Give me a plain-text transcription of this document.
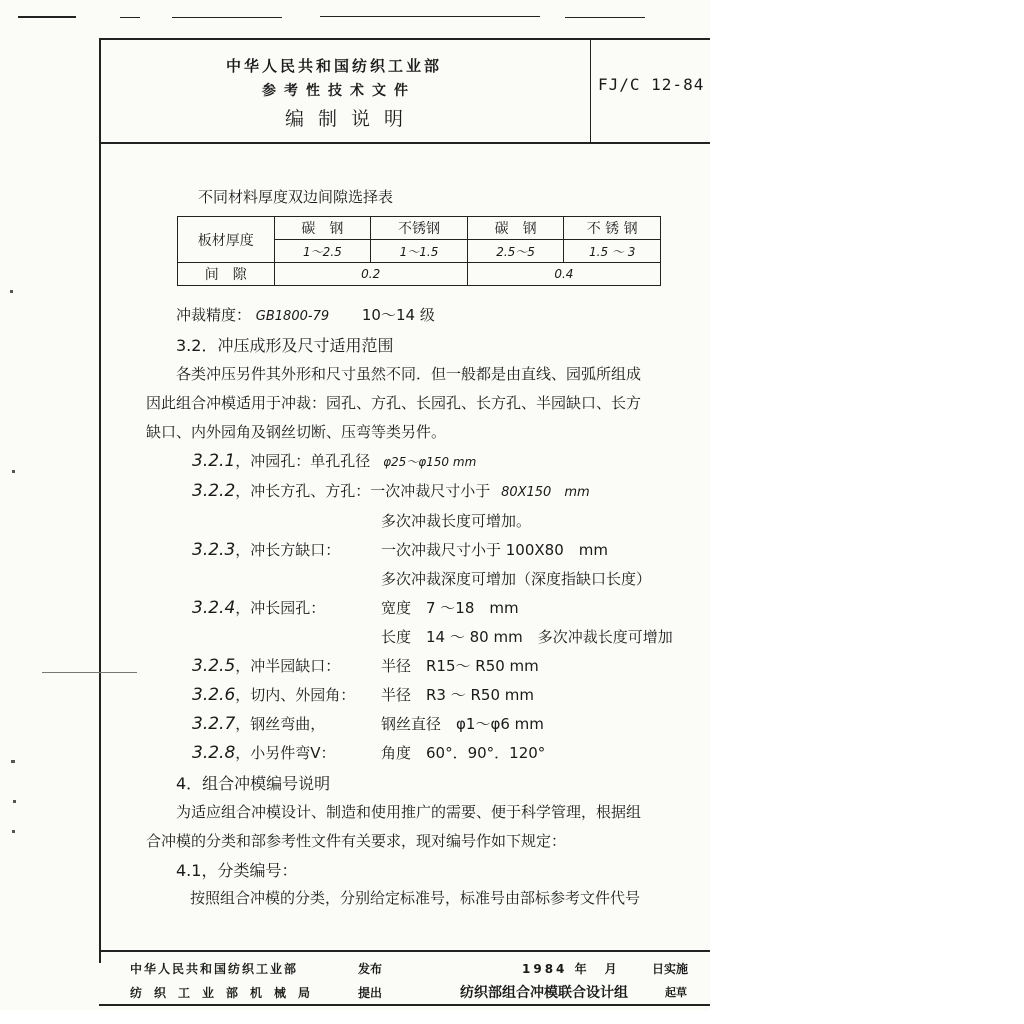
中华人民共和国纺织工业部
参考性技术文件
编制说明
FJ/C 12-84
不同材料厚度双边间隙选择表
板材厚度	碳　钢	不锈钢	碳　钢	不 锈 钢
	1～2.5	1～1.5	2.5～5	1.5 ～ 3
间　隙	0.2		0.4	
冲裁精度： GB1800-79 10～14 级
3.2．冲压成形及尺寸适用范围
各类冲压另件其外形和尺寸虽然不同．但一般都是由直线、园弧所组成
因此组合冲模适用于冲裁：园孔、方孔、长园孔、长方孔、半园缺口、长方
缺口、内外园角及钢丝切断、压弯等类另件。
3.2.1，冲园孔：单孔孔径 φ25～φ150 mm
3.2.2，冲长方孔、方孔：一次冲裁尺寸小于 80X150　mm
多次冲裁长度可增加。
3.2.3，冲长方缺口：	一次冲裁尺寸小于 100X80　mm
多次冲裁深度可增加（深度指缺口长度）
3.2.4，冲长园孔：	宽度　7 ～18　mm
长度　14 ～ 80 mm　多次冲裁长度可增加
3.2.5，冲半园缺口：	半径　R15～ R50 mm
3.2.6，切内、外园角： 半径　R3 ～ R50 mm
3.2.7，钢丝弯曲，	钢丝直径　φ1～φ6 mm
3.2.8，小另件弯V：	角度　60°．90°．120°
4．组合冲模编号说明
为适应组合冲模设计、制造和使用推广的需要、便于科学管理，根据组
合冲模的分类和部参考性文件有关要求，现对编号作如下规定：
4.1，分类编号：
按照组合冲模的分类，分别给定标准号，标准号由部标参考文件代号
中华人民共和国纺织工业部	发布	1984 年　月	日实施
纺　织　工　业　部　机　械　局	提出	纺织部组合冲模联合设计组	起草
